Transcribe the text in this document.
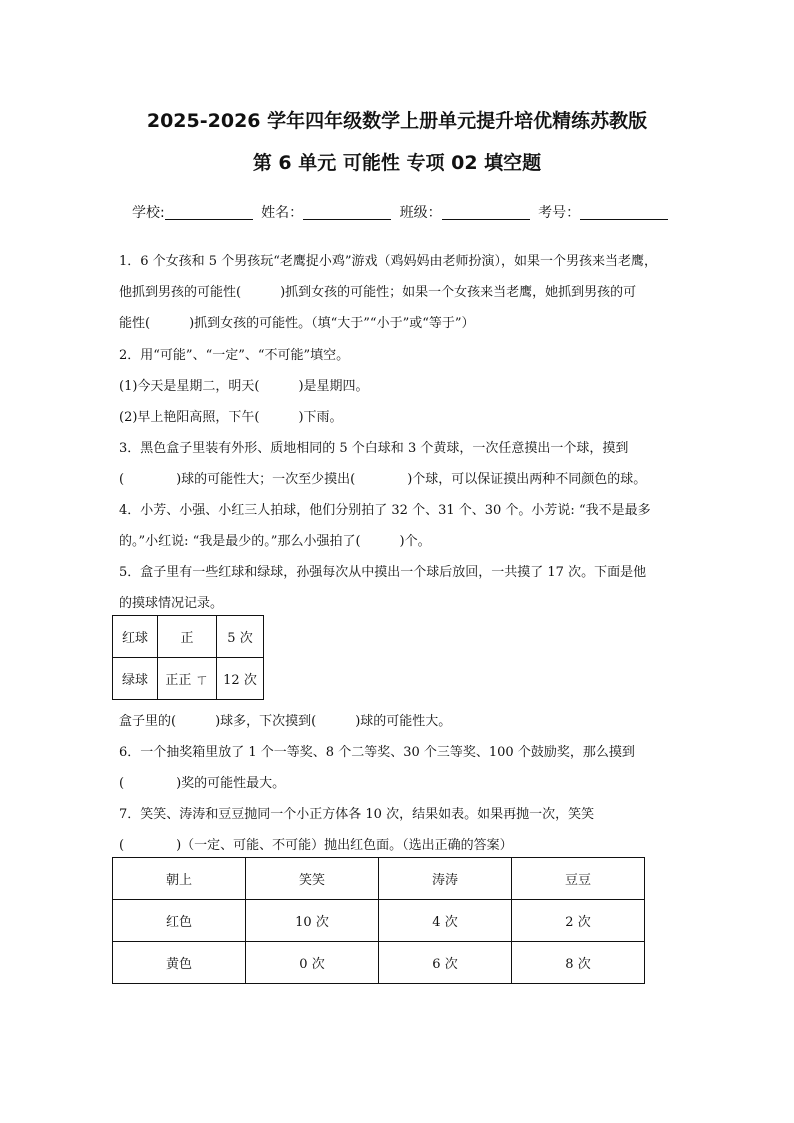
2025-2026 学年四年级数学上册单元提升培优精练苏教版
第 6 单元 可能性 专项 02 填空题
学校:	姓名：	班级：	考号：
1．6 个女孩和 5 个男孩玩“老鹰捉小鸡”游戏（鸡妈妈由老师扮演），如果一个男孩来当老鹰，
他抓到男孩的可能性(　　　)抓到女孩的可能性；如果一个女孩来当老鹰，她抓到男孩的可
能性(　　　)抓到女孩的可能性。（填“大于”“小于”或“等于”）
2．用“可能”、“一定”、“不可能”填空。
(1)今天是星期二，明天(　　　)是星期四。
(2)早上艳阳高照，下午(　　　)下雨。
3．黑色盒子里装有外形、质地相同的 5 个白球和 3 个黄球，一次任意摸出一个球，摸到
(　　　　)球的可能性大；一次至少摸出(　　　　)个球，可以保证摸出两种不同颜色的球。
4．小芳、小强、小红三人拍球，他们分别拍了 32 个、31 个、30 个。小芳说: “我不是最多
的。”小红说: “我是最少的。”那么小强拍了(　　　)个。
5．盒子里有一些红球和绿球，孙强每次从中摸出一个球后放回，一共摸了 17 次。下面是他
的摸球情况记录。
红球	正	5 次
绿球	正正 ㄒ	12 次
盒子里的(　　　)球多，下次摸到(　　　)球的可能性大。
6．一个抽奖箱里放了 1 个一等奖、8 个二等奖、30 个三等奖、100 个鼓励奖，那么摸到
(　　　　)奖的可能性最大。
7．笑笑、涛涛和豆豆抛同一个小正方体各 10 次，结果如表。如果再抛一次，笑笑
(　　　　)（一定、可能、不可能）抛出红色面。（选出正确的答案）
朝上	笑笑	涛涛	豆豆
红色	10 次	4 次	2 次
黄色	0 次	6 次	8 次
